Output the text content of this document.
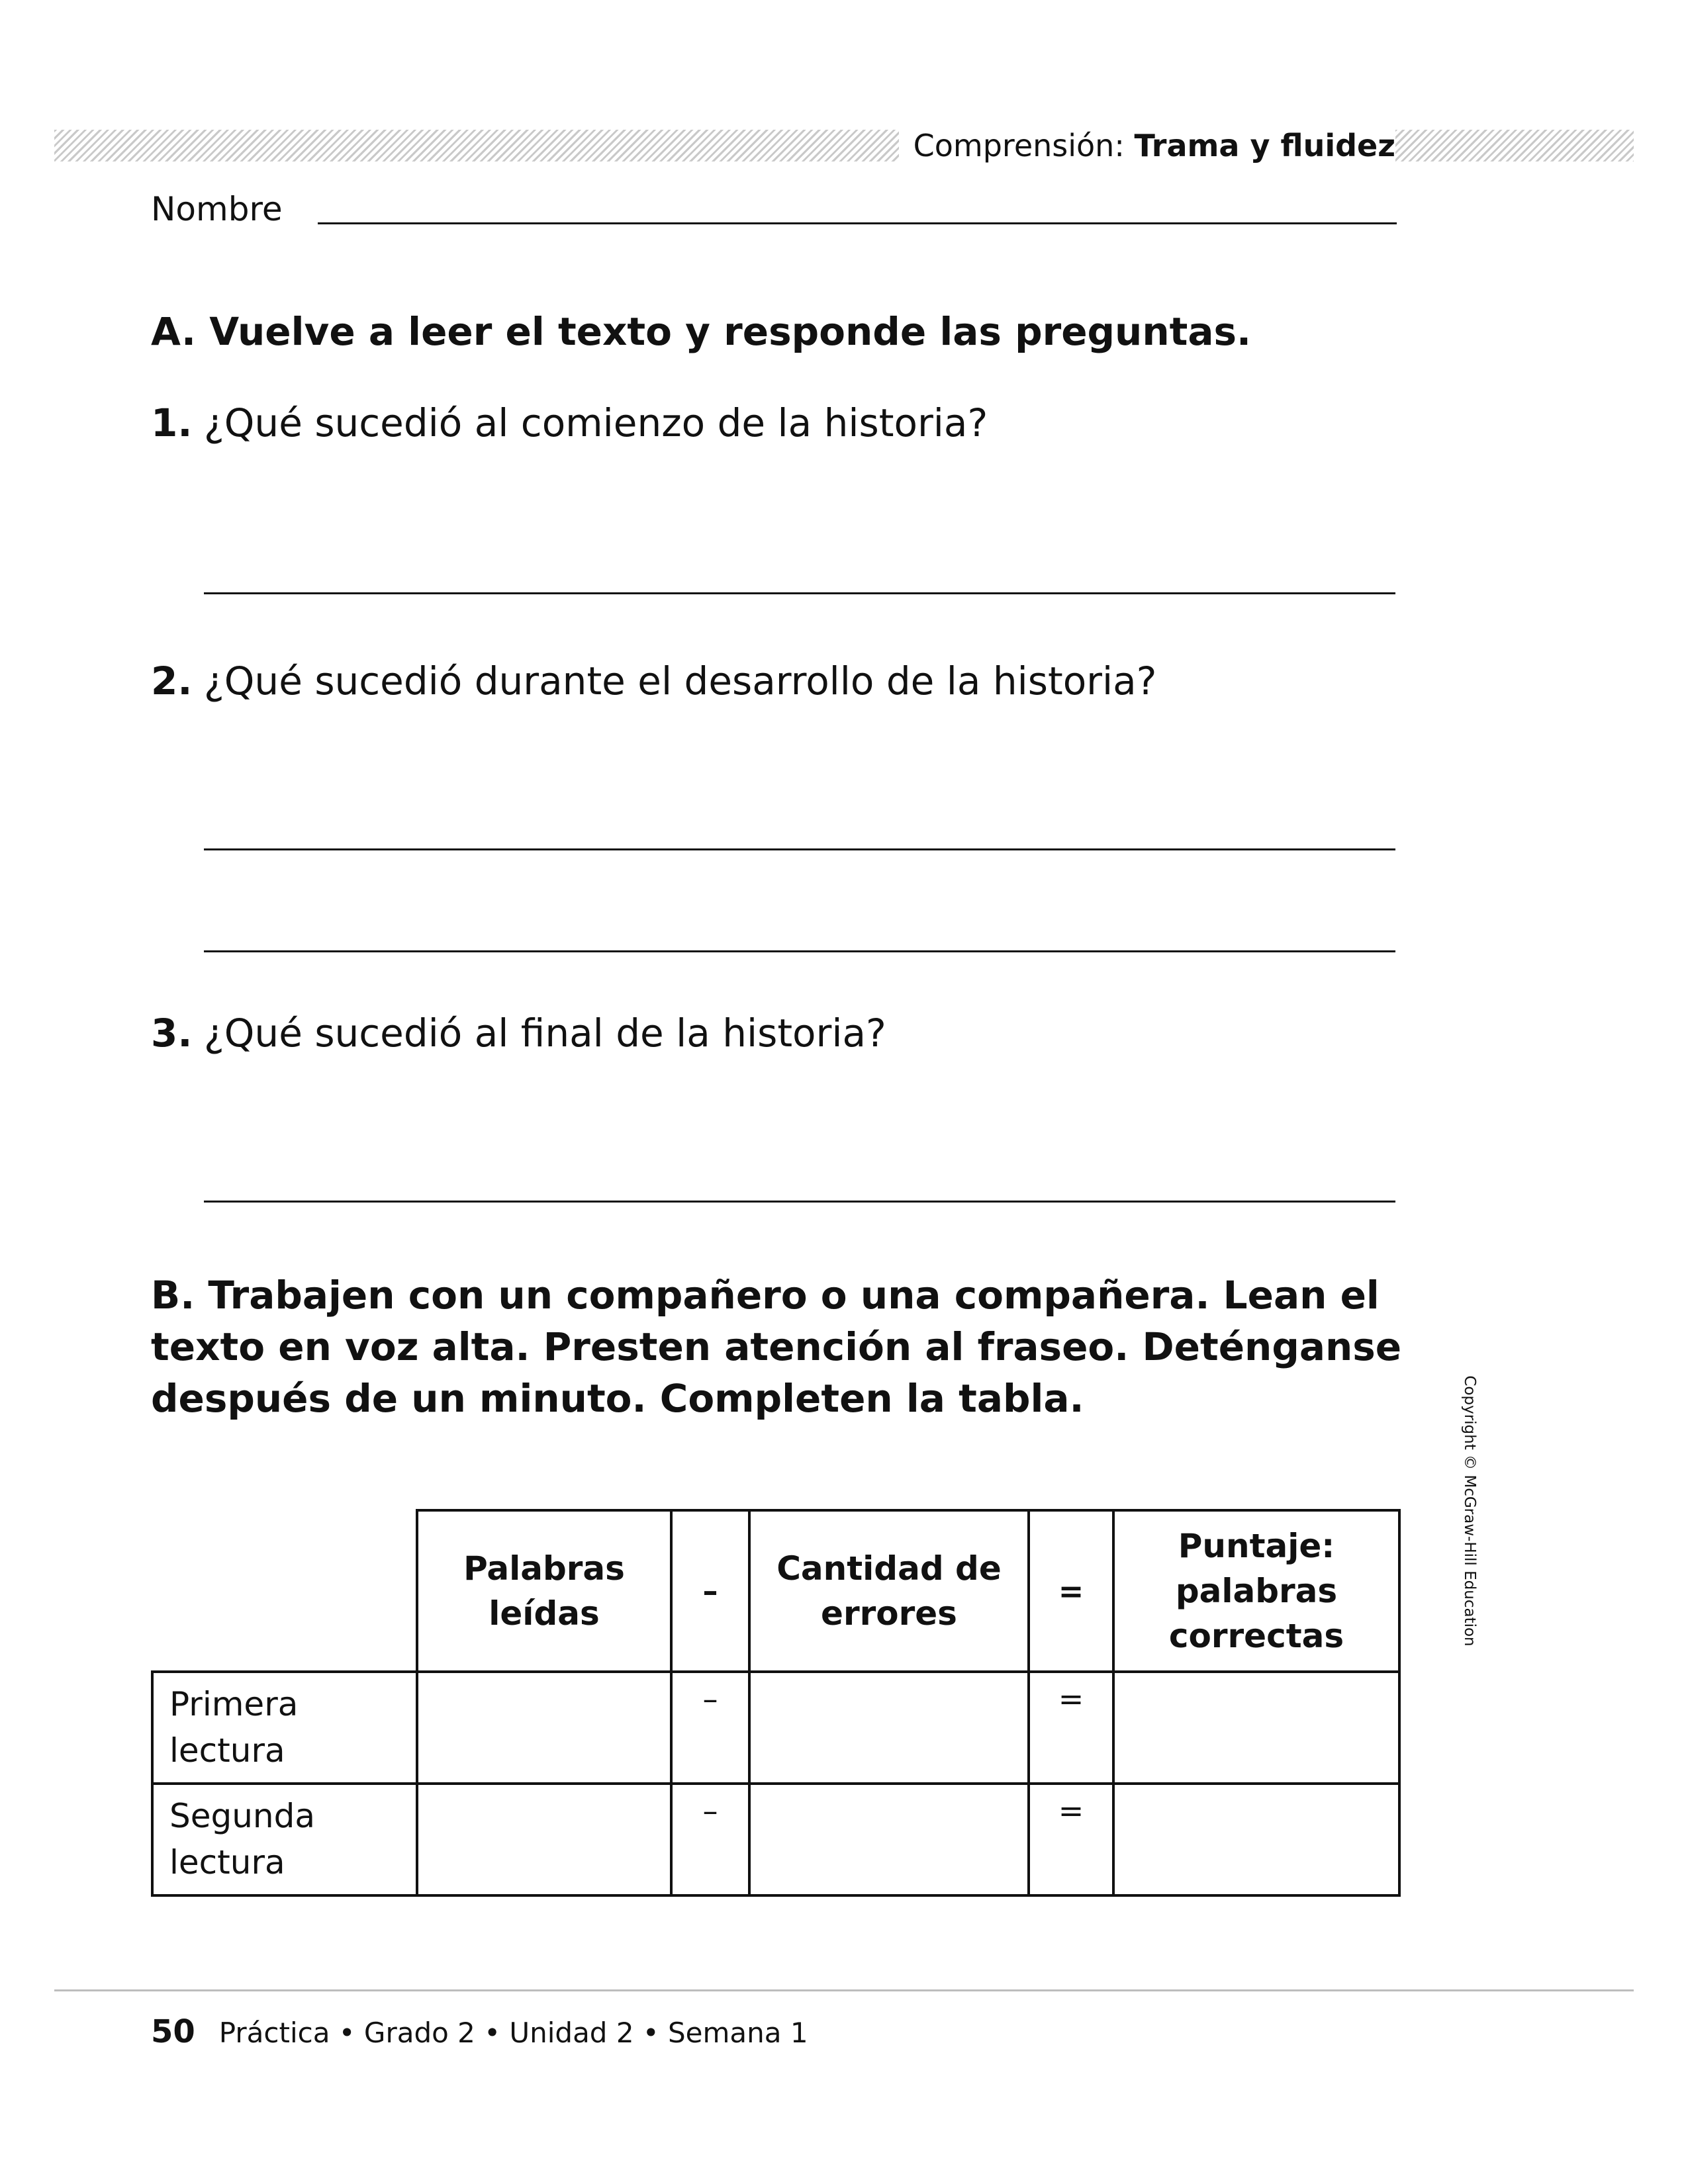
Comprensión: Trama y fluidez
Nombre
A. Vuelve a leer el texto y responde las preguntas.
1. ¿Qué sucedió al comienzo de la historia?
2. ¿Qué sucedió durante el desarrollo de la historia?
3. ¿Qué sucedió al final de la historia?
B. Trabajen con un compañero o una compañera. Lean el texto en voz alta. Presten atención al fraseo. Deténganse después de un minuto. Completen la tabla.
	Palabras leídas	–	Cantidad de errores	=	Puntaje: palabras correctas
Primera lectura		–		=	
Segunda lectura		–		=	
Copyright © McGraw-Hill Education
50 Práctica • Grado 2 • Unidad 2 • Semana 1
